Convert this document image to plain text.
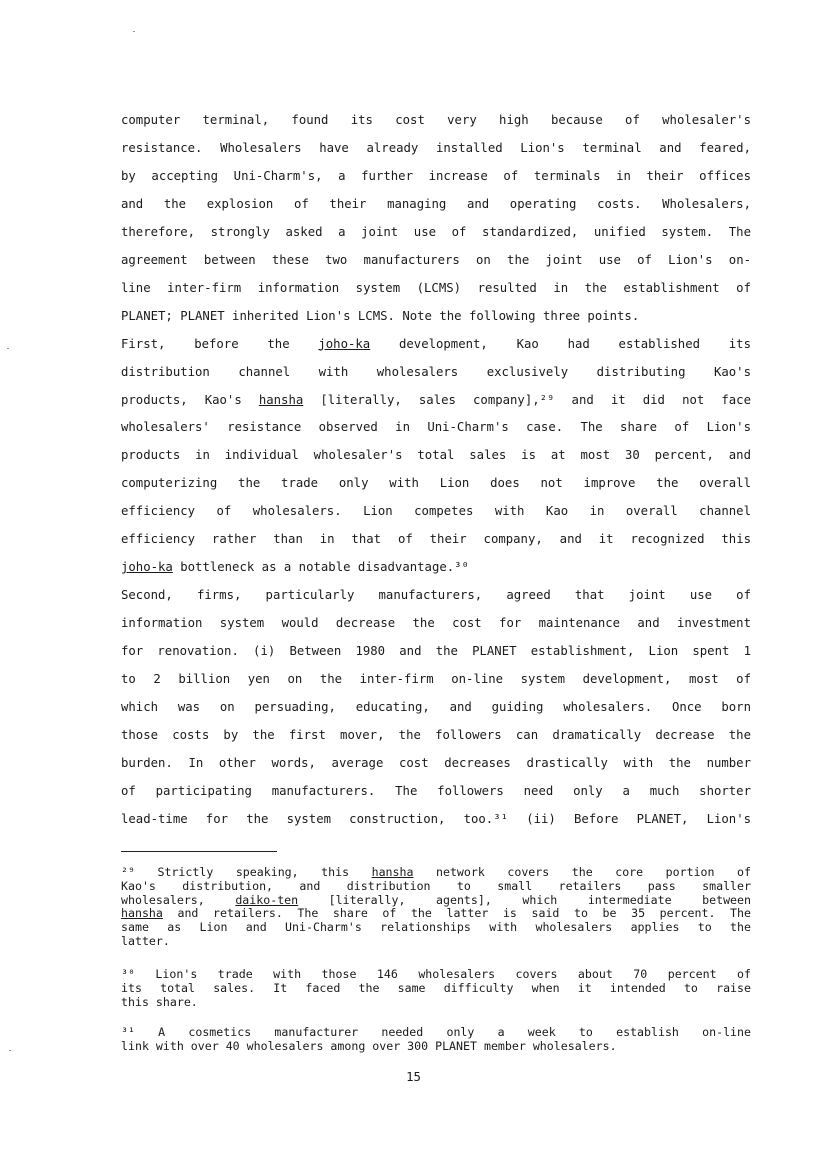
computer terminal, found its cost very high because of wholesaler's
resistance. Wholesalers have already installed Lion's terminal and feared,
by accepting Uni-Charm's, a further increase of terminals in their offices
and the explosion of their managing and operating costs. Wholesalers,
therefore, strongly asked a joint use of standardized, unified system. The
agreement between these two manufacturers on the joint use of Lion's on-
line inter-firm information system (LCMS) resulted in the establishment of
PLANET; PLANET inherited Lion's LCMS. Note the following three points.
First, before the joho-ka development, Kao had established its
distribution channel with wholesalers exclusively distributing Kao's
products, Kao's hansha [literally, sales company],²⁹ and it did not face
wholesalers' resistance observed in Uni-Charm's case. The share of Lion's
products in individual wholesaler's total sales is at most 30 percent, and
computerizing the trade only with Lion does not improve the overall
efficiency of wholesalers. Lion competes with Kao in overall channel
efficiency rather than in that of their company, and it recognized this
joho-ka bottleneck as a notable disadvantage.³⁰
Second, firms, particularly manufacturers, agreed that joint use of
information system would decrease the cost for maintenance and investment
for renovation. (i) Between 1980 and the PLANET establishment, Lion spent 1
to 2 billion yen on the inter-firm on-line system development, most of
which was on persuading, educating, and guiding wholesalers. Once born
those costs by the first mover, the followers can dramatically decrease the
burden. In other words, average cost decreases drastically with the number
of participating manufacturers. The followers need only a much shorter
lead-time for the system construction, too.³¹ (ii) Before PLANET, Lion's
²⁹ Strictly speaking, this hansha network covers the core portion of
Kao's distribution, and distribution to small retailers pass smaller
wholesalers, daiko-ten [literally, agents], which intermediate between
hansha and retailers. The share of the latter is said to be 35 percent. The
same as Lion and Uni-Charm's relationships with wholesalers applies to the
latter.
³⁰ Lion's trade with those 146 wholesalers covers about 70 percent of
its total sales. It faced the same difficulty when it intended to raise
this share.
³¹ A cosmetics manufacturer needed only a week to establish on-line
link with over 40 wholesalers among over 300 PLANET member wholesalers.
15
